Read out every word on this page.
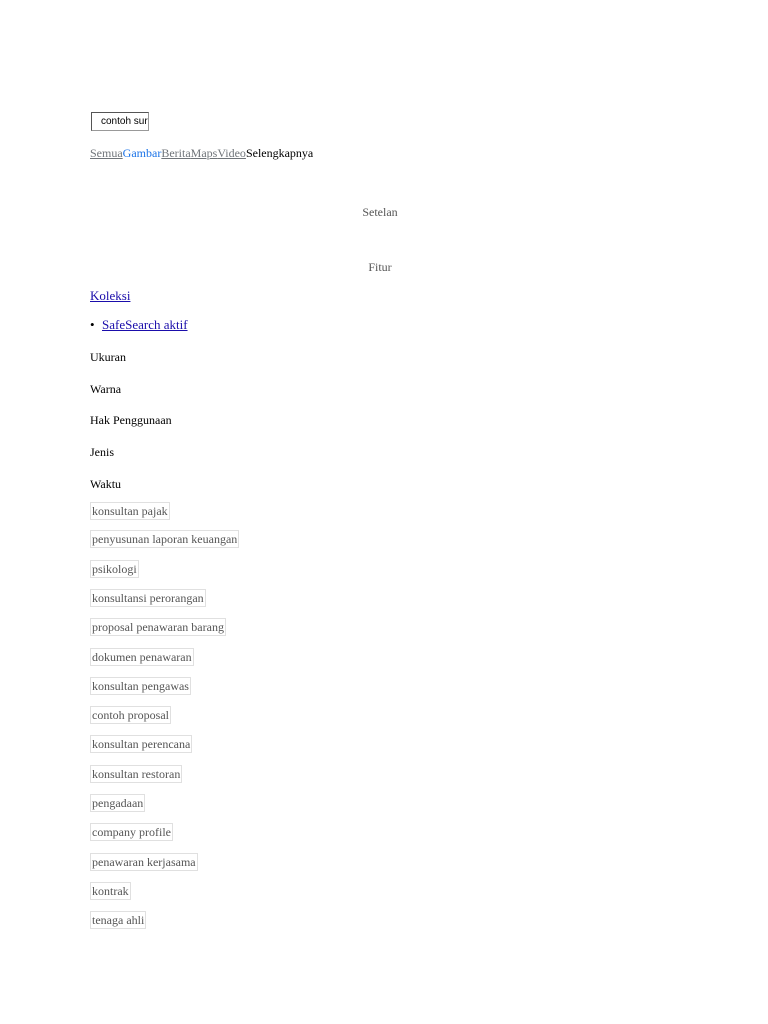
contoh sur
SemuaGambarBeritaMapsVideoSelengkapnya
Setelan
Fitur
Koleksi
• SafeSearch aktif
Ukuran
Warna
Hak Penggunaan
Jenis
Waktu
konsultan pajak
penyusunan laporan keuangan
psikologi
konsultansi perorangan
proposal penawaran barang
dokumen penawaran
konsultan pengawas
contoh proposal
konsultan perencana
konsultan restoran
pengadaan
company profile
penawaran kerjasama
kontrak
tenaga ahli
